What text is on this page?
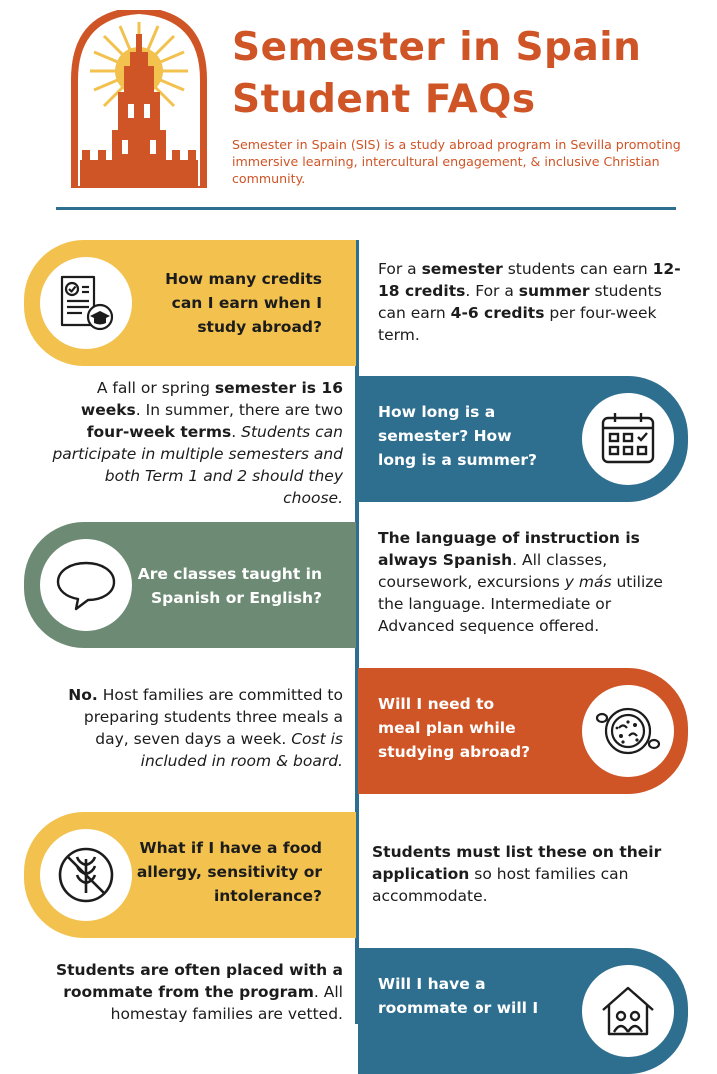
Semester in Spain
Student FAQs

Semester in Spain (SIS) is a study abroad program in Sevilla promoting immersive learning, intercultural engagement, & inclusive Christian community.

How many credits
can I earn when I
study abroad?

For a semester students can earn 12-18 credits. For a summer students can earn 4-6 credits per four-week term.

A fall or spring semester is 16 weeks. In summer, there are two four-week terms. Students can participate in multiple semesters and both Term 1 and 2 should they choose.

How long is a
semester? How
long is a summer?
Are classes taught in
Spanish or English?

The language of instruction is always Spanish. All classes, coursework, excursions y más utilize the language. Intermediate or Advanced sequence offered.

No. Host families are committed to preparing students three meals a day, seven days a week. Cost is included in room & board.

Will I need to
meal plan while
studying abroad?
What if I have a food
allergy, sensitivity or
intolerance?

Students must list these on their application so host families can accommodate.

Students are often placed with a roommate from the program. All homestay families are vetted.

Will I have a
roommate or will I
